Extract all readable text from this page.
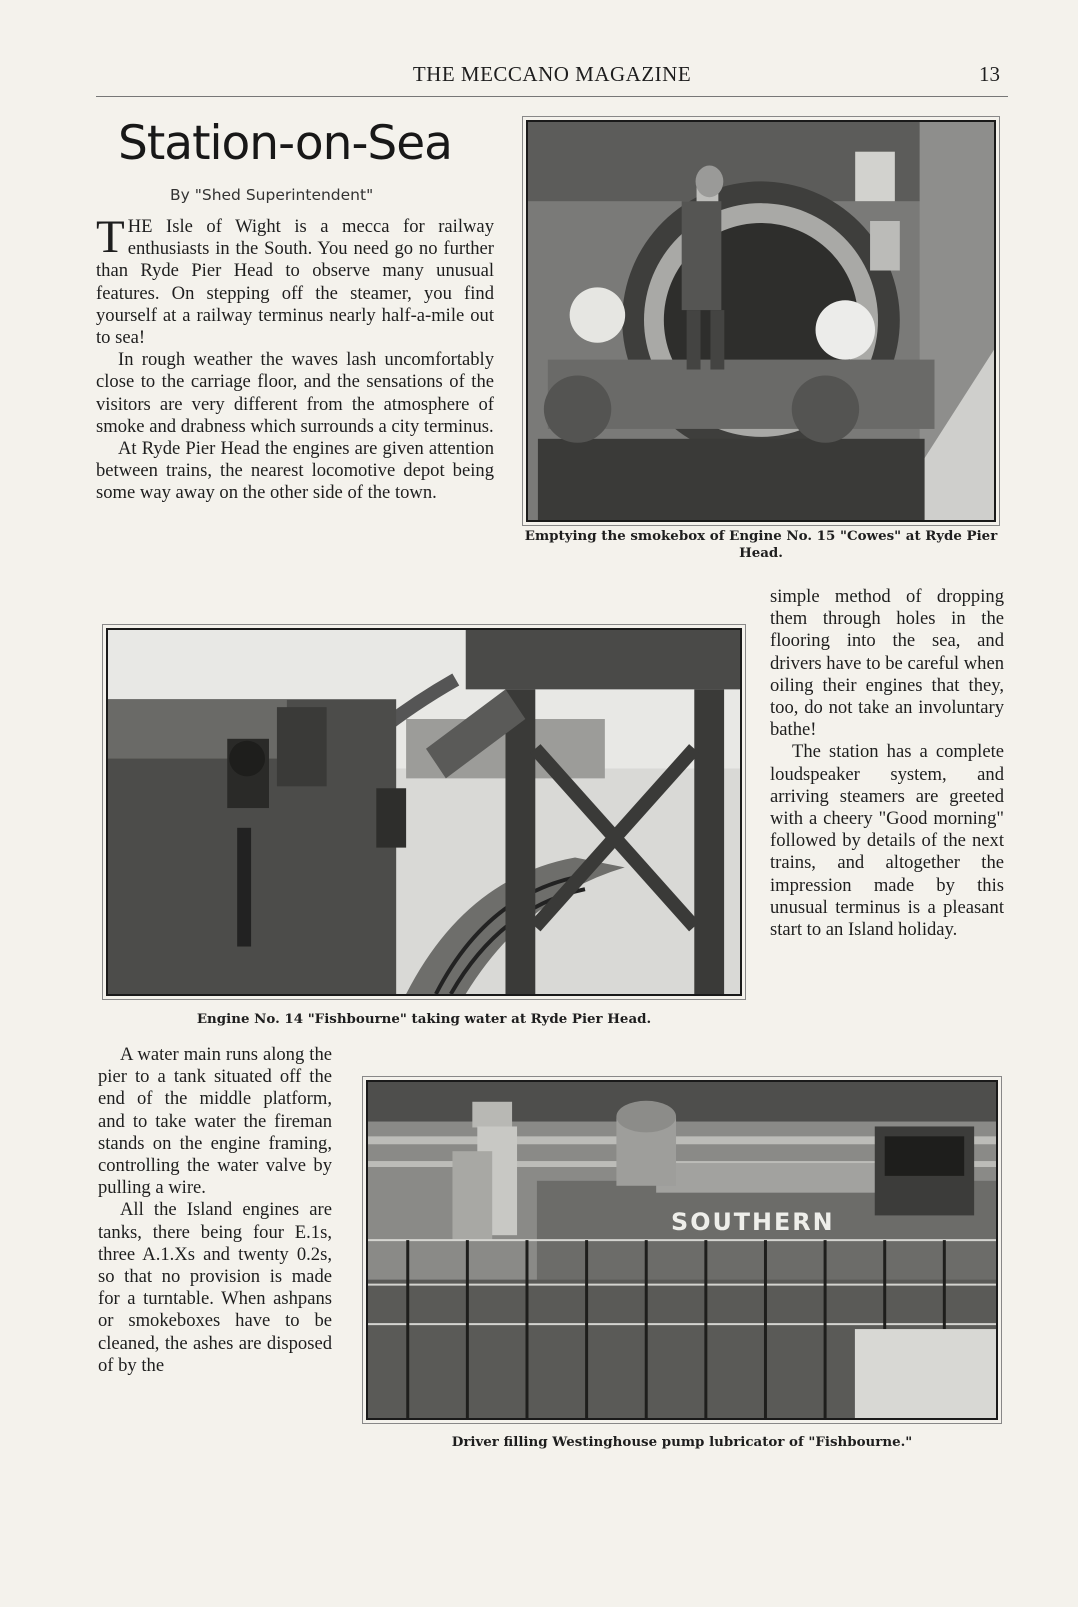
THE MECCANO MAGAZINE	13
Station-on-Sea
By "Shed Superintendent"

THE Isle of Wight is a mecca for railway enthusiasts in the South. You need go no further than Ryde Pier Head to observe many unusual features. On stepping off the steamer, you find yourself at a railway terminus nearly half-a-mile out to sea!

In rough weather the waves lash uncomfortably close to the carriage floor, and the sensations of the visitors are very different from the atmosphere of smoke and drabness which surrounds a city terminus.

At Ryde Pier Head the engines are given attention between trains, the nearest locomotive depot being some way away on the other side of the town.

Emptying the smokebox of Engine No. 15 "Cowes" at Ryde Pier Head.
Engine No. 14 "Fishbourne" taking water at Ryde Pier Head.

simple method of dropping them through holes in the flooring into the sea, and drivers have to be careful when oiling their engines that they, too, do not take an involuntary bathe!

The station has a complete loudspeaker system, and arriving steamers are greeted with a cheery "Good morning" followed by details of the next trains, and altogether the impression made by this unusual terminus is a pleasant start to an Island holiday.

A water main runs along the pier to a tank situated off the end of the middle platform, and to take water the fireman stands on the engine framing, controlling the water valve by pulling a wire.

All the Island engines are tanks, there being four E.1s, three A.1.Xs and twenty 0.2s, so that no provision is made for a turntable. When ashpans or smokeboxes have to be cleaned, the ashes are disposed of by the

SOUTHERN
Driver filling Westinghouse pump lubricator of "Fishbourne."
